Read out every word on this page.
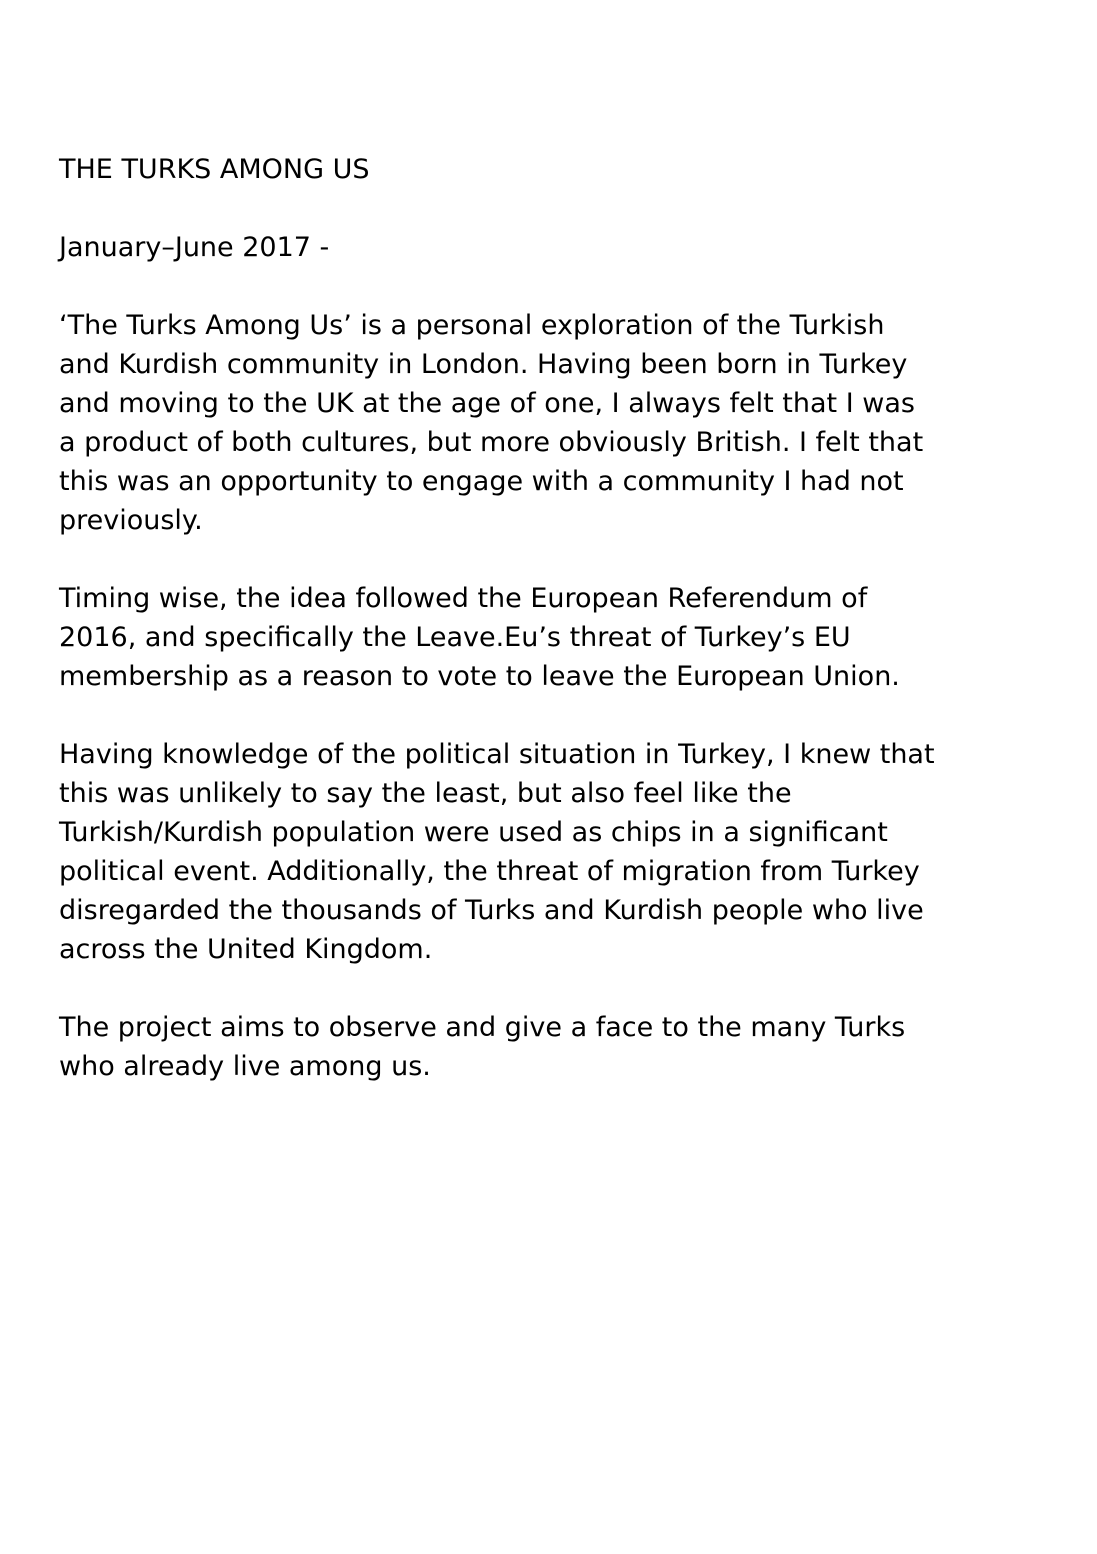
THE TURKS AMONG US
January–June 2017 -
‘The Turks Among Us’ is a personal exploration of the Turkish
and Kurdish community in London. Having been born in Turkey
and moving to the UK at the age of one, I always felt that I was
a product of both cultures, but more obviously British. I felt that
this was an opportunity to engage with a community I had not
previously.
Timing wise, the idea followed the European Referendum of
2016, and specifically the Leave.Eu’s threat of Turkey’s EU
membership as a reason to vote to leave the European Union.
Having knowledge of the political situation in Turkey, I knew that
this was unlikely to say the least, but also feel like the
Turkish/Kurdish population were used as chips in a significant
political event. Additionally, the threat of migration from Turkey
disregarded the thousands of Turks and Kurdish people who live
across the United Kingdom.
The project aims to observe and give a face to the many Turks
who already live among us.
